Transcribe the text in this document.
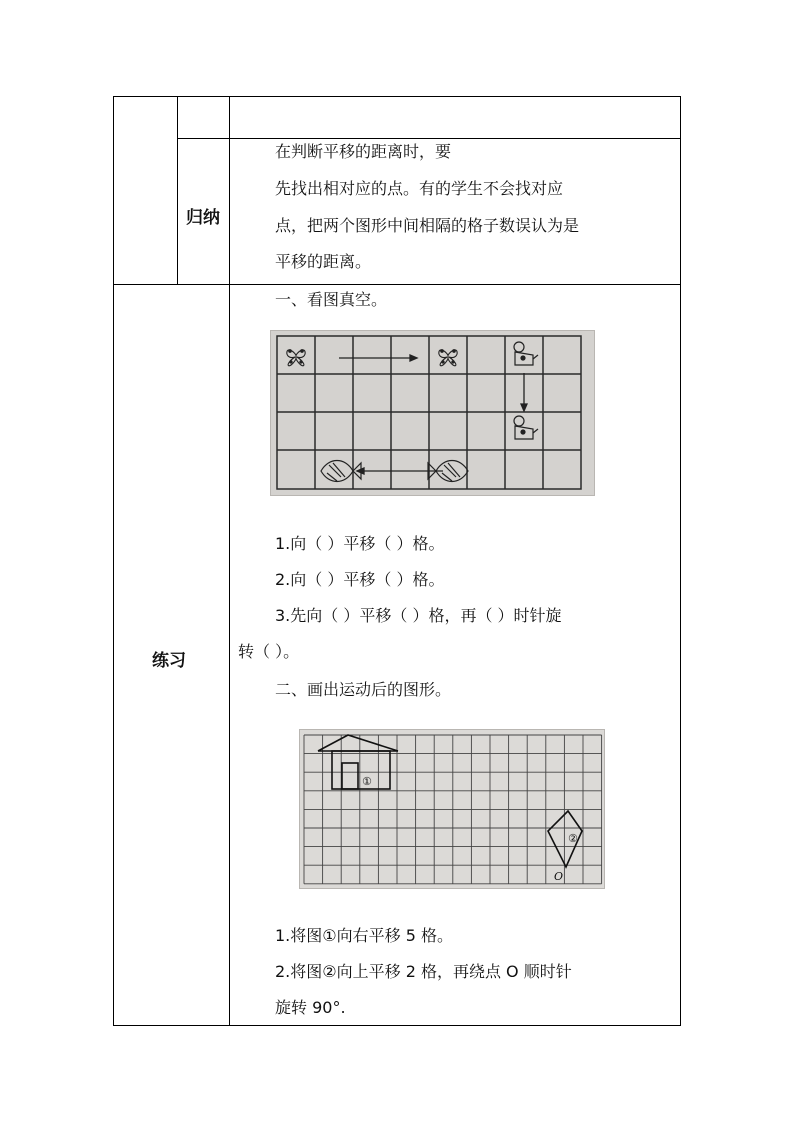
归纳
在判断平移的距离时，要
先找出相对应的点。有的学生不会找对应
点，把两个图形中间相隔的格子数误认为是
平移的距离。
练习
一、看图真空。
1.向（ ）平移（ ）格。
2.向（ ）平移（ ）格。
3.先向（ ）平移（ ）格，再（ ）时针旋
转（ ）。
二、画出运动后的图形。
①
②
O
1.将图①向右平移 5 格。
2.将图②向上平移 2 格，再绕点 O 顺时针
旋转 90°.
